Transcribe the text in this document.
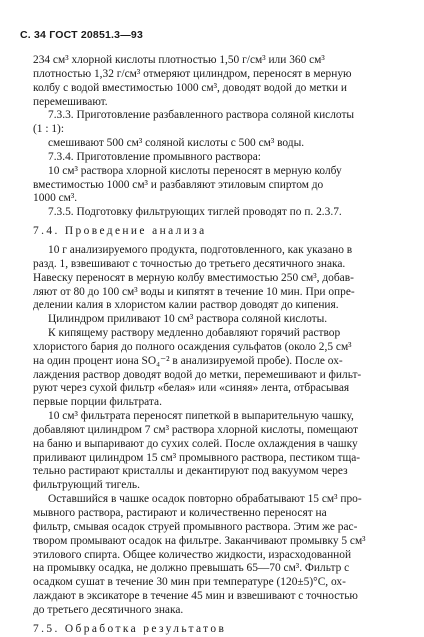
С. 34 ГОСТ 20851.3—93
234 см³ хлорной кислоты плотностью 1,50 г/см³ или 360 см³
плотностью 1,32 г/см³ отмеряют цилиндром, переносят в мерную
колбу с водой вместимостью 1000 см³, доводят водой до метки и
перемешивают.
7.3.3. Приготовление разбавленного раствора соляной кислоты
(1 : 1):
смешивают 500 см³ соляной кислоты с 500 см³ воды.
7.3.4. Приготовление промывного раствора:
10 см³ раствора хлорной кислоты переносят в мерную колбу
вместимостью 1000 см³ и разбавляют этиловым спиртом до
1000 см³.
7.3.5. Подготовку фильтрующих тиглей проводят по п. 2.3.7.
7.4. Проведение анализа
10 г анализируемого продукта, подготовленного, как указано в
разд. 1, взвешивают с точностью до третьего десятичного знака.
Навеску переносят в мерную колбу вместимостью 250 см³, добав-
ляют от 80 до 100 см³ воды и кипятят в течение 10 мин. При опре-
делении калия в хлористом калии раствор доводят до кипения.
Цилиндром приливают 10 см³ раствора соляной кислоты.
К кипящему раствору медленно добавляют горячий раствор
хлористого бария до полного осаждения сульфатов (около 2,5 см³
на один процент иона SO₄⁻² в анализируемой пробе). После ох-
лаждения раствор доводят водой до метки, перемешивают и фильт-
руют через сухой фильтр «белая» или «синяя» лента, отбрасывая
первые порции фильтрата.
10 см³ фильтрата переносят пипеткой в выпарительную чашку,
добавляют цилиндром 7 см³ раствора хлорной кислоты, помещают
на баню и выпаривают до сухих солей. После охлаждения в чашку
приливают цилиндром 15 см³ промывного раствора, пестиком тща-
тельно растирают кристаллы и декантируют под вакуумом через
фильтрующий тигель.
Оставшийся в чашке осадок повторно обрабатывают 15 см³ про-
мывного раствора, растирают и количественно переносят на
фильтр, смывая осадок струей промывного раствора. Этим же рас-
твором промывают осадок на фильтре. Заканчивают промывку 5 см³
этилового спирта. Общее количество жидкости, израсходованной
на промывку осадка, не должно превышать 65—70 см³. Фильтр с
осадком сушат в течение 30 мин при температуре (120±5)°С, ох-
лаждают в эксикаторе в течение 45 мин и взвешивают с точностью
до третьего десятичного знака.
7.5. Обработка результатов
